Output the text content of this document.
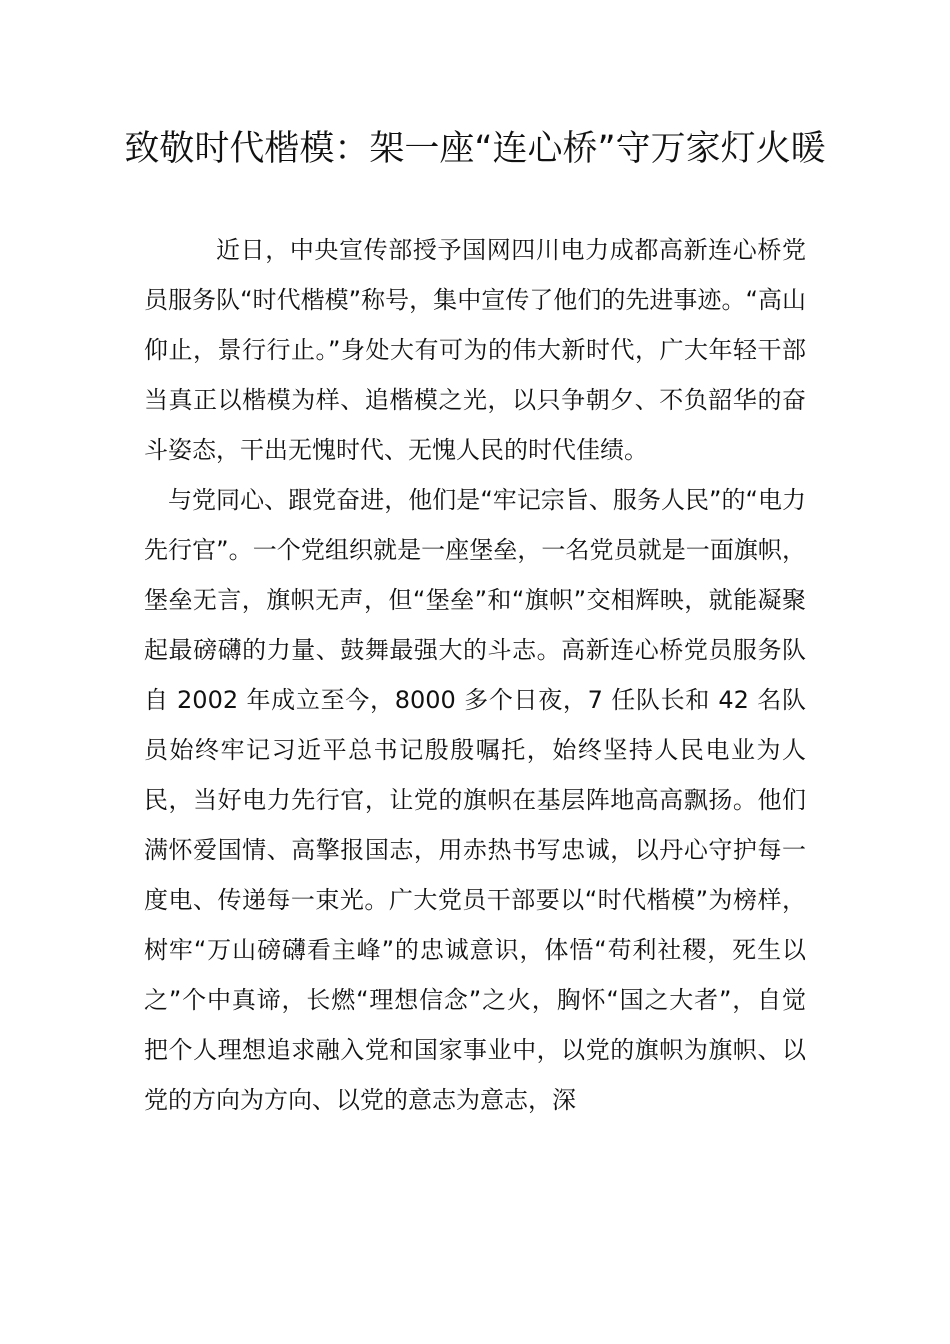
致敬时代楷模：架一座“连心桥”守万家灯火暖

近日，中央宣传部授予国网四川电力成都高新连心桥党员服务队“时代楷模”称号，集中宣传了他们的先进事迹。“高山仰止，景行行止。”身处大有可为的伟大新时代，广大年轻干部当真正以楷模为样、追楷模之光，以只争朝夕、不负韶华的奋斗姿态，干出无愧时代、无愧人民的时代佳绩。

与党同心、跟党奋进，他们是“牢记宗旨、服务人民”的“电力先行官”。一个党组织就是一座堡垒，一名党员就是一面旗帜，堡垒无言，旗帜无声，但“堡垒”和“旗帜”交相辉映，就能凝聚起最磅礴的力量、鼓舞最强大的斗志。高新连心桥党员服务队自 2002 年成立至今，8000 多个日夜，7 任队长和 42 名队员始终牢记习近平总书记殷殷嘱托，始终坚持人民电业为人民，当好电力先行官，让党的旗帜在基层阵地高高飘扬。他们满怀爱国情、高擎报国志，用赤热书写忠诚，以丹心守护每一度电、传递每一束光。广大党员干部要以“时代楷模”为榜样，树牢“万山磅礴看主峰”的忠诚意识，体悟“苟利社稷，死生以之”个中真谛，长燃“理想信念”之火，胸怀“国之大者”，自觉把个人理想追求融入党和国家事业中，以党的旗帜为旗帜、以党的方向为方向、以党的意志为意志，深
